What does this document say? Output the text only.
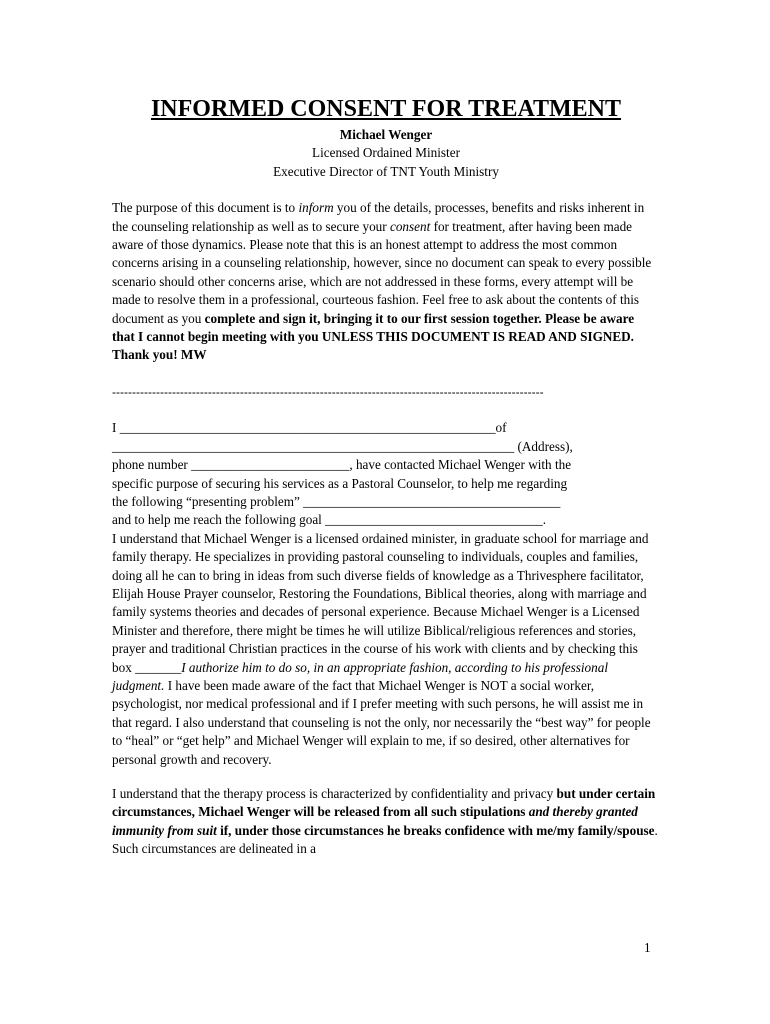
INFORMED CONSENT FOR TREATMENT
Michael Wenger
Licensed Ordained Minister
Executive Director of TNT Youth Ministry

The purpose of this document is to inform you of the details, processes, benefits and risks inherent in the counseling relationship as well as to secure your consent for treatment, after having been made aware of those dynamics. Please note that this is an honest attempt to address the most common concerns arising in a counseling relationship, however, since no document can speak to every possible scenario should other concerns arise, which are not addressed in these forms, every attempt will be made to resolve them in a professional, courteous fashion. Feel free to ask about the contents of this document as you complete and sign it, bringing it to our first session together. Please be aware that I cannot begin meeting with you UNLESS THIS DOCUMENT IS READ AND SIGNED. Thank you! MW

------------------------------------------------------------------------------------------------------------
I _________________________________________________________of
_____________________________________________________________ (Address),
phone number ________________________, have contacted Michael Wenger with the
specific purpose of securing his services as a Pastoral Counselor, to help me regarding
the following “presenting problem” _______________________________________
and to help me reach the following goal _________________________________.

I understand that Michael Wenger is a licensed ordained minister, in graduate school for marriage and family therapy. He specializes in providing pastoral counseling to individuals, couples and families, doing all he can to bring in ideas from such diverse fields of knowledge as a Thrivesphere facilitator, Elijah House Prayer counselor, Restoring the Foundations, Biblical theories, along with marriage and family systems theories and decades of personal experience. Because Michael Wenger is a Licensed Minister and therefore, there might be times he will utilize Biblical/religious references and stories, prayer and traditional Christian practices in the course of his work with clients and by checking this box _______I authorize him to do so, in an appropriate fashion, according to his professional judgment. I have been made aware of the fact that Michael Wenger is NOT a social worker, psychologist, nor medical professional and if I prefer meeting with such persons, he will assist me in that regard. I also understand that counseling is not the only, nor necessarily the “best way” for people to “heal” or “get help” and Michael Wenger will explain to me, if so desired, other alternatives for personal growth and recovery.

I understand that the therapy process is characterized by confidentiality and privacy but under certain circumstances, Michael Wenger will be released from all such stipulations and thereby granted immunity from suit if, under those circumstances he breaks confidence with me/my family/spouse. Such circumstances are delineated in a

1
